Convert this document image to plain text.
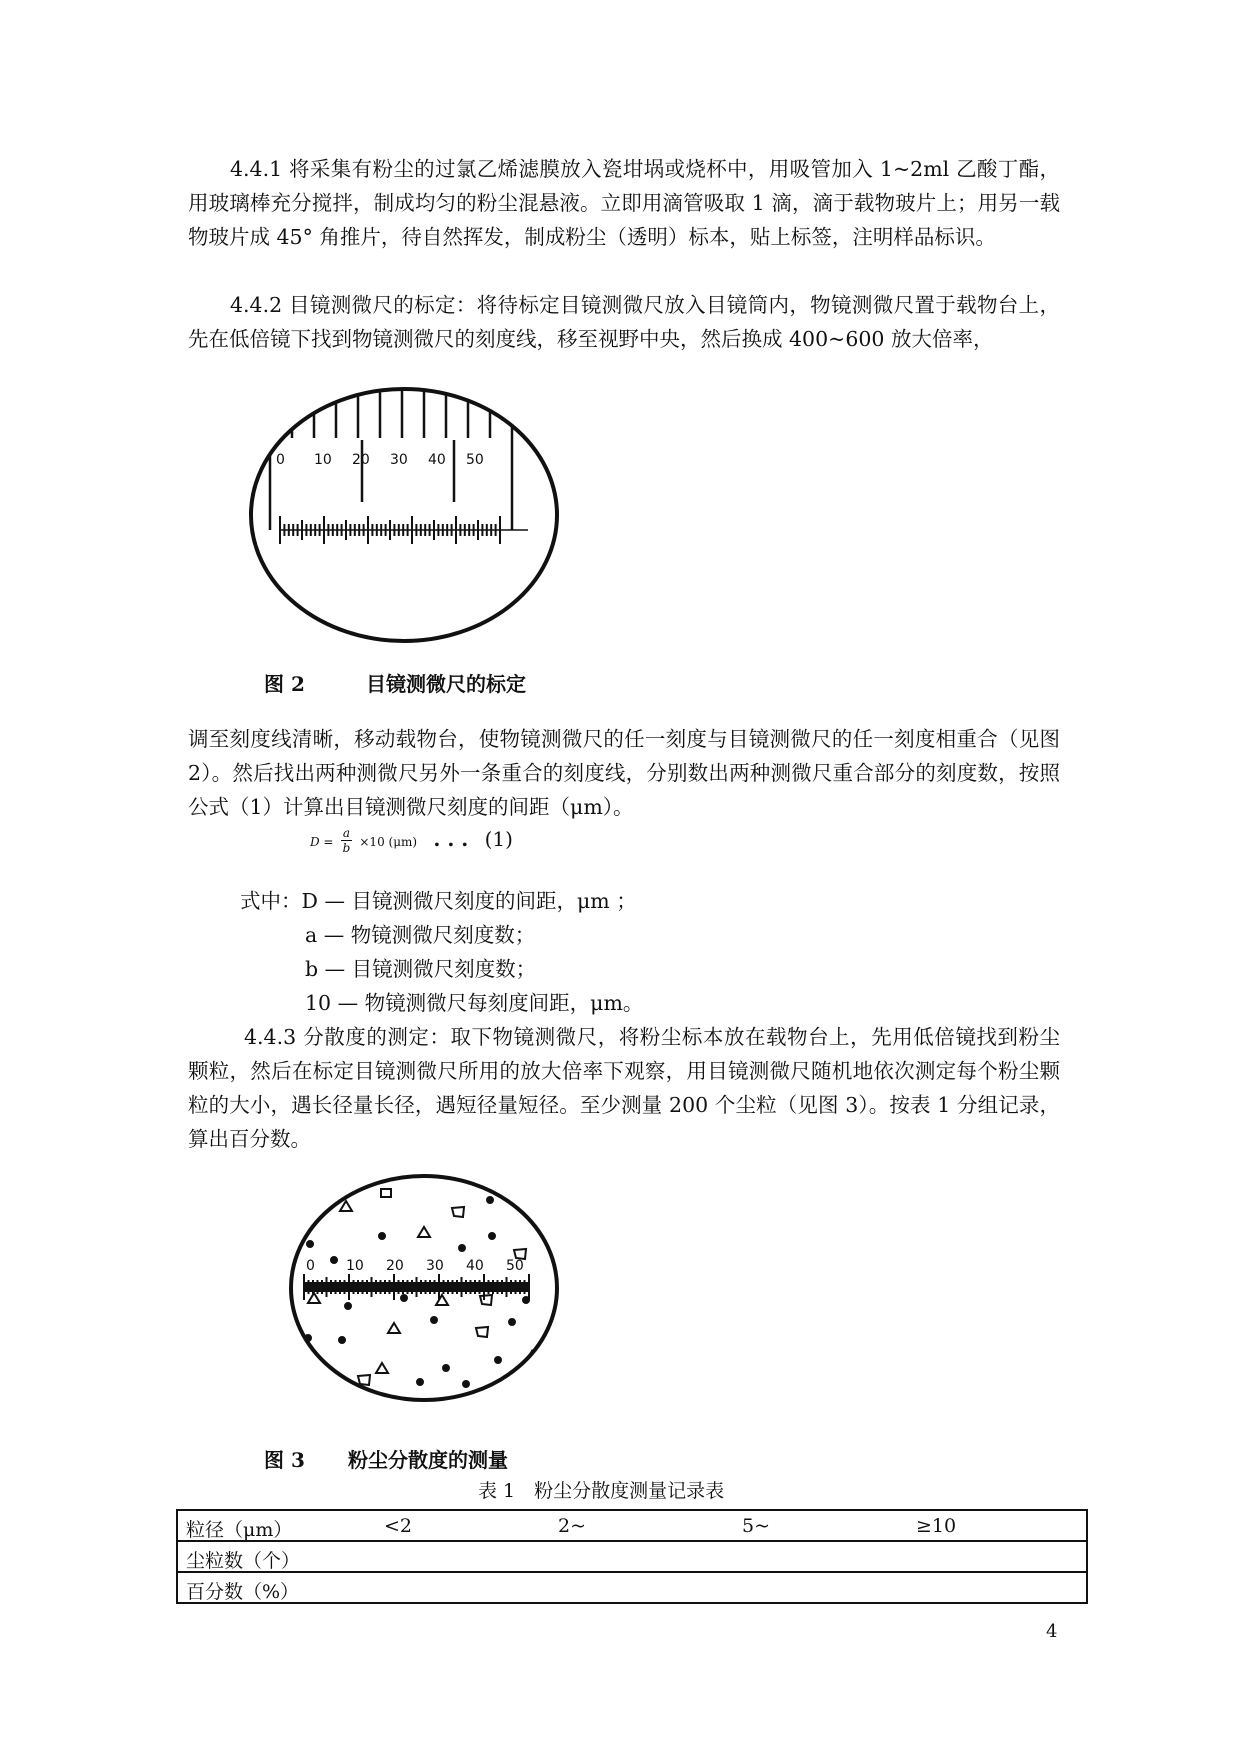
4.4.1 将采集有粉尘的过氯乙烯滤膜放入瓷坩埚或烧杯中，用吸管加入 1~2ml 乙酸丁酯，用玻璃棒充分搅拌，制成均匀的粉尘混悬液。立即用滴管吸取 1 滴，滴于载物玻片上；用另一载物玻片成 45° 角推片，待自然挥发，制成粉尘（透明）标本，贴上标签，注明样品标识。

4.4.2 目镜测微尺的标定：将待标定目镜测微尺放入目镜筒内，物镜测微尺置于载物台上，先在低倍镜下找到物镜测微尺的刻度线，移至视野中央，然后换成 400~600 放大倍率，

0 10 20 30 40 50
图 2	目镜测微尺的标定

调至刻度线清晰，移动载物台，使物镜测微尺的任一刻度与目镜测微尺的任一刻度相重合（见图 2）。然后找出两种测微尺另外一条重合的刻度线，分别数出两种测微尺重合部分的刻度数，按照公式（1）计算出目镜测微尺刻度的间距（μm）。

$D = \frac{a}{b} \times 10$ (μm) . . . (1)
式中：D — 目镜测微尺刻度的间距，μm ；
a — 物镜测微尺刻度数；
b — 目镜测微尺刻度数；
10 — 物镜测微尺每刻度间距，μm。

4.4.3 分散度的测定：取下物镜测微尺，将粉尘标本放在载物台上，先用低倍镜找到粉尘颗粒，然后在标定目镜测微尺所用的放大倍率下观察，用目镜测微尺随机地依次测定每个粉尘颗粒的大小，遇长径量长径，遇短径量短径。至少测量 200 个尘粒（见图 3）。按表 1 分组记录，算出百分数。

0 10 20 30 40 50
图 3 粉尘分散度的测量
表 1　粉尘分散度测量记录表
粒径（μm）	<2	2~	5~	≥10

尘粒数（个）

百分数（%）
4
